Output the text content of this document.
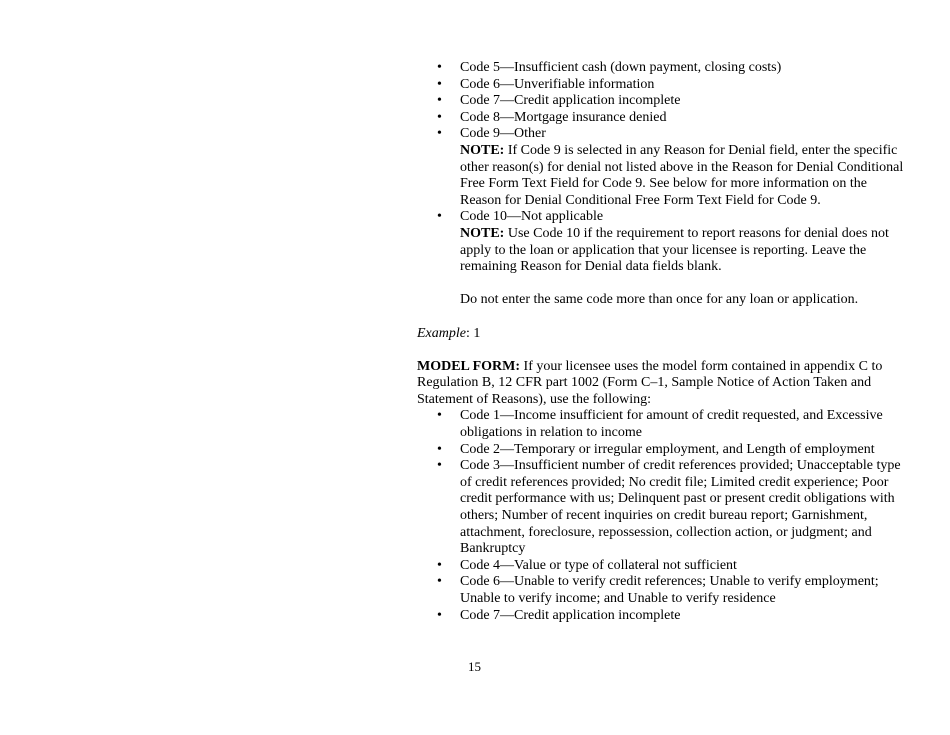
• Code 5—Insufficient cash (down payment, closing costs)
• Code 6—Unverifiable information
• Code 7—Credit application incomplete
• Code 8—Mortgage insurance denied
• Code 9—Other
NOTE: If Code 9 is selected in any Reason for Denial field, enter the specific other reason(s) for denial not listed above in the Reason for Denial Conditional Free Form Text Field for Code 9. See below for more information on the Reason for Denial Conditional Free Form Text Field for Code 9.
• Code 10—Not applicable
NOTE: Use Code 10 if the requirement to report reasons for denial does not apply to the loan or application that your licensee is reporting. Leave the remaining Reason for Denial data fields blank.
Do not enter the same code more than once for any loan or application.
Example: 1
MODEL FORM: If your licensee uses the model form contained in appendix C to Regulation B, 12 CFR part 1002 (Form C–1, Sample Notice of Action Taken and Statement of Reasons), use the following:
• Code 1—Income insufficient for amount of credit requested, and Excessive obligations in relation to income
• Code 2—Temporary or irregular employment, and Length of employment
• Code 3—Insufficient number of credit references provided; Unacceptable type of credit references provided; No credit file; Limited credit experience; Poor credit performance with us; Delinquent past or present credit obligations with others; Number of recent inquiries on credit bureau report; Garnishment, attachment, foreclosure, repossession, collection action, or judgment; and Bankruptcy
• Code 4—Value or type of collateral not sufficient
• Code 6—Unable to verify credit references; Unable to verify employment; Unable to verify income; and Unable to verify residence
• Code 7—Credit application incomplete
15
